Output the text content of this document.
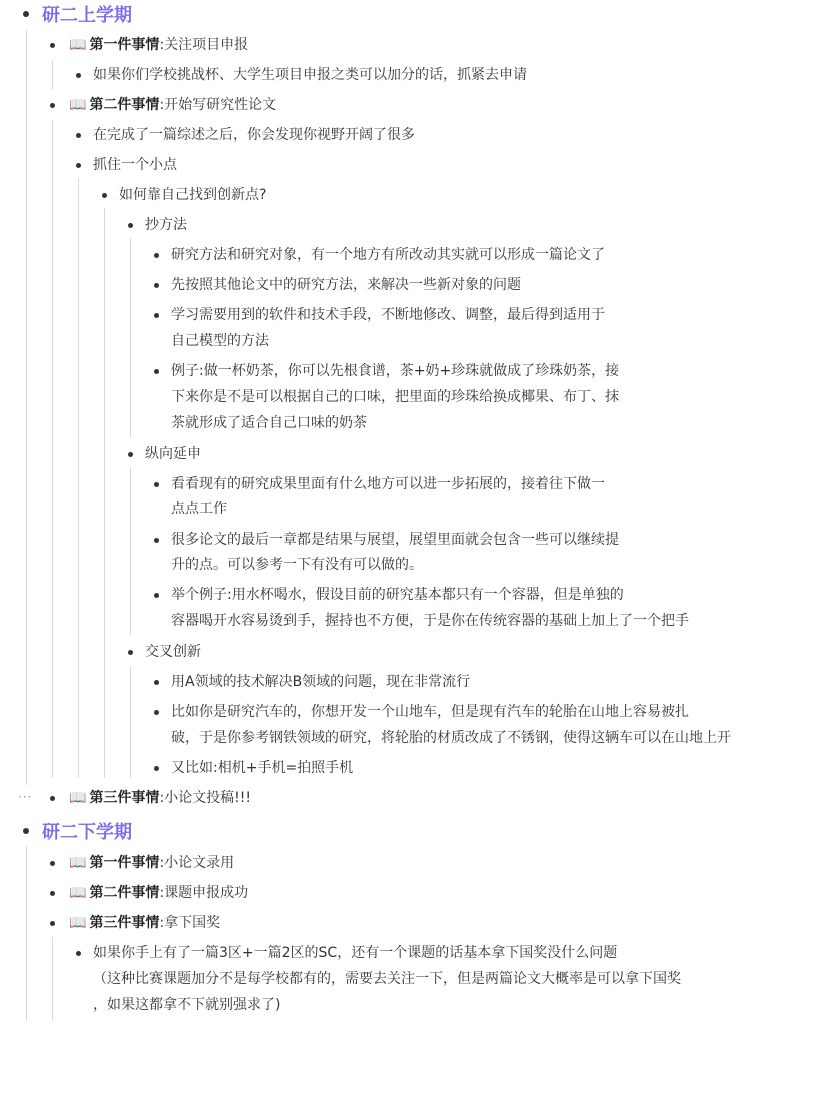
研二上学期
📖 第一件事情:关注项目申报
如果你们学校挑战杯、大学生项目申报之类可以加分的话，抓紧去申请
📖 第二件事情:开始写研究性论文
在完成了一篇综述之后，你会发现你视野开阔了很多
抓住一个小点
如何靠自己找到创新点?
抄方法
研究方法和研究对象，有一个地方有所改动其实就可以形成一篇论文了
先按照其他论文中的研究方法，来解决一些新对象的问题
学习需要用到的软件和技术手段，不断地修改、调整，最后得到适用于
自己模型的方法
例子:做一杯奶茶，你可以先根食谱，茶+奶+珍珠就做成了珍珠奶茶，接
下来你是不是可以根据自己的口味，把里面的珍珠给换成椰果、布丁、抹
茶就形成了适合自己口味的奶茶
纵向延申
看看现有的研究成果里面有什么地方可以进一步拓展的，接着往下做一
点点工作
很多论文的最后一章都是结果与展望，展望里面就会包含一些可以继续提
升的点。可以参考一下有没有可以做的。
举个例子:用水杯喝水，假设目前的研究基本都只有一个容器，但是单独的
容器喝开水容易烫到手，握持也不方便，于是你在传统容器的基础上加上了一个把手
交叉创新
用A领域的技术解决B领域的问题，现在非常流行
比如你是研究汽车的，你想开发一个山地车，但是现有汽车的轮胎在山地上容易被扎
破，于是你参考钢铁领域的研究，将轮胎的材质改成了不锈钢，使得这辆车可以在山地上开
又比如:相机+手机=拍照手机
···	📖 第三件事情:小论文投稿!!!
研二下学期
📖 第一件事情:小论文录用
📖 第二件事情:课题申报成功
📖 第三件事情:拿下国奖
如果你手上有了一篇3区+一篇2区的SC，还有一个课题的话基本拿下国奖没什么问题
（这种比赛课题加分不是每学校都有的，需要去关注一下，但是两篇论文大概率是可以拿下国奖
，如果这都拿不下就别强求了)
